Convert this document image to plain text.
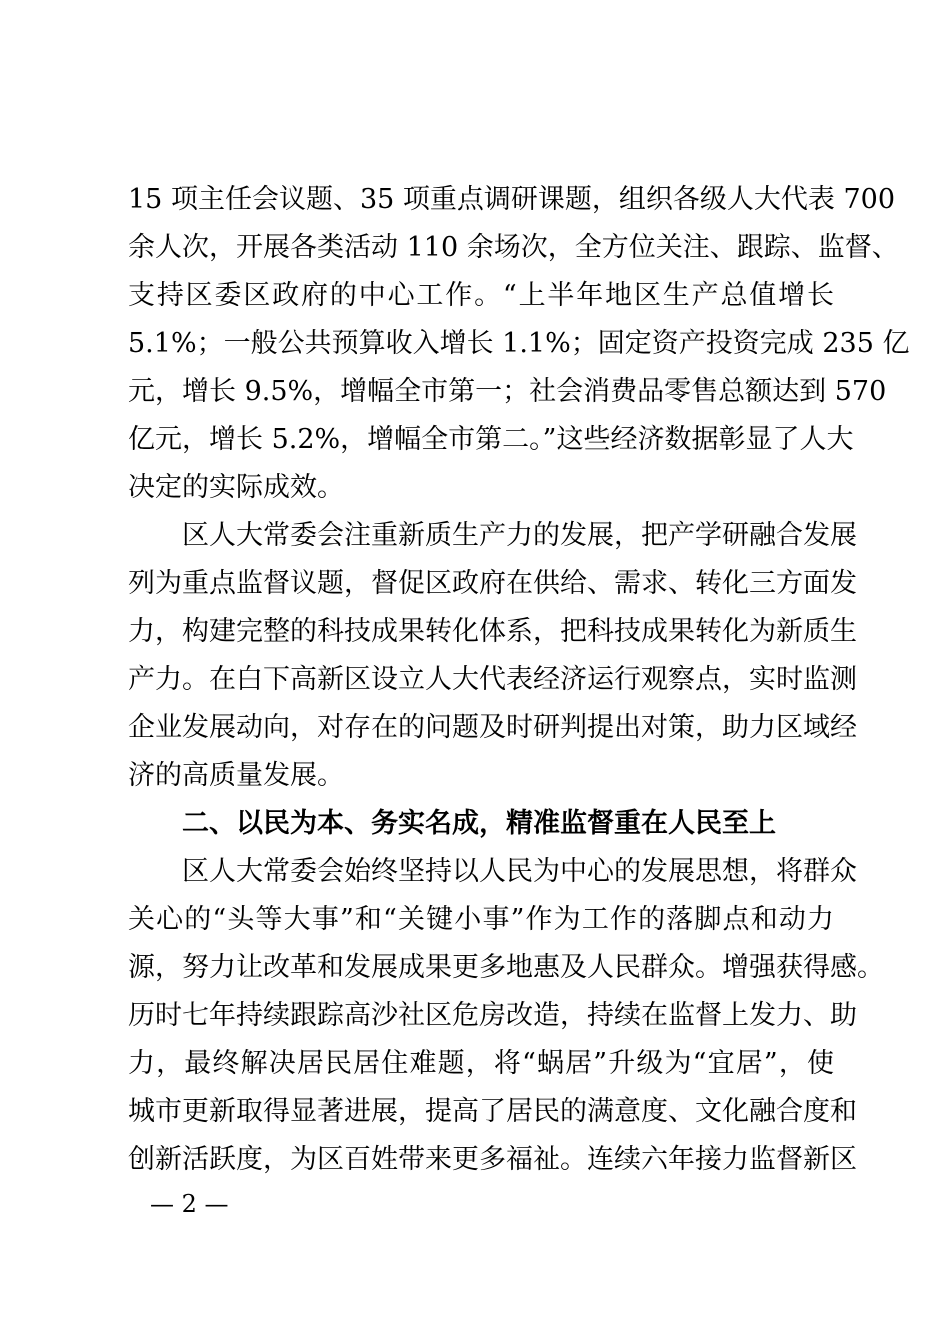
15 项主任会议题、35 项重点调研课题，组织各级人大代表 700
余人次，开展各类活动 110 余场次，全方位关注、跟踪、监督、
支持区委区政府的中心工作。“上半年地区生产总值增长
5.1%；一般公共预算收入增长 1.1%；固定资产投资完成 235 亿
元，增长 9.5%，增幅全市第一；社会消费品零售总额达到 570
亿元，增长 5.2%，增幅全市第二。”这些经济数据彰显了人大
决定的实际成效。
区人大常委会注重新质生产力的发展，把产学研融合发展
列为重点监督议题，督促区政府在供给、需求、转化三方面发
力，构建完整的科技成果转化体系，把科技成果转化为新质生
产力。在白下高新区设立人大代表经济运行观察点，实时监测
企业发展动向，对存在的问题及时研判提出对策，助力区域经
济的高质量发展。
二、以民为本、务实名成，精准监督重在人民至上
区人大常委会始终坚持以人民为中心的发展思想，将群众
关心的“头等大事”和“关键小事”作为工作的落脚点和动力
源，努力让改革和发展成果更多地惠及人民群众。增强获得感。
历时七年持续跟踪高沙社区危房改造，持续在监督上发力、助
力，最终解决居民居住难题，将“蜗居”升级为“宜居”，使
城市更新取得显著进展，提高了居民的满意度、文化融合度和
创新活跃度，为区百姓带来更多福祉。连续六年接力监督新区
— 2 —
